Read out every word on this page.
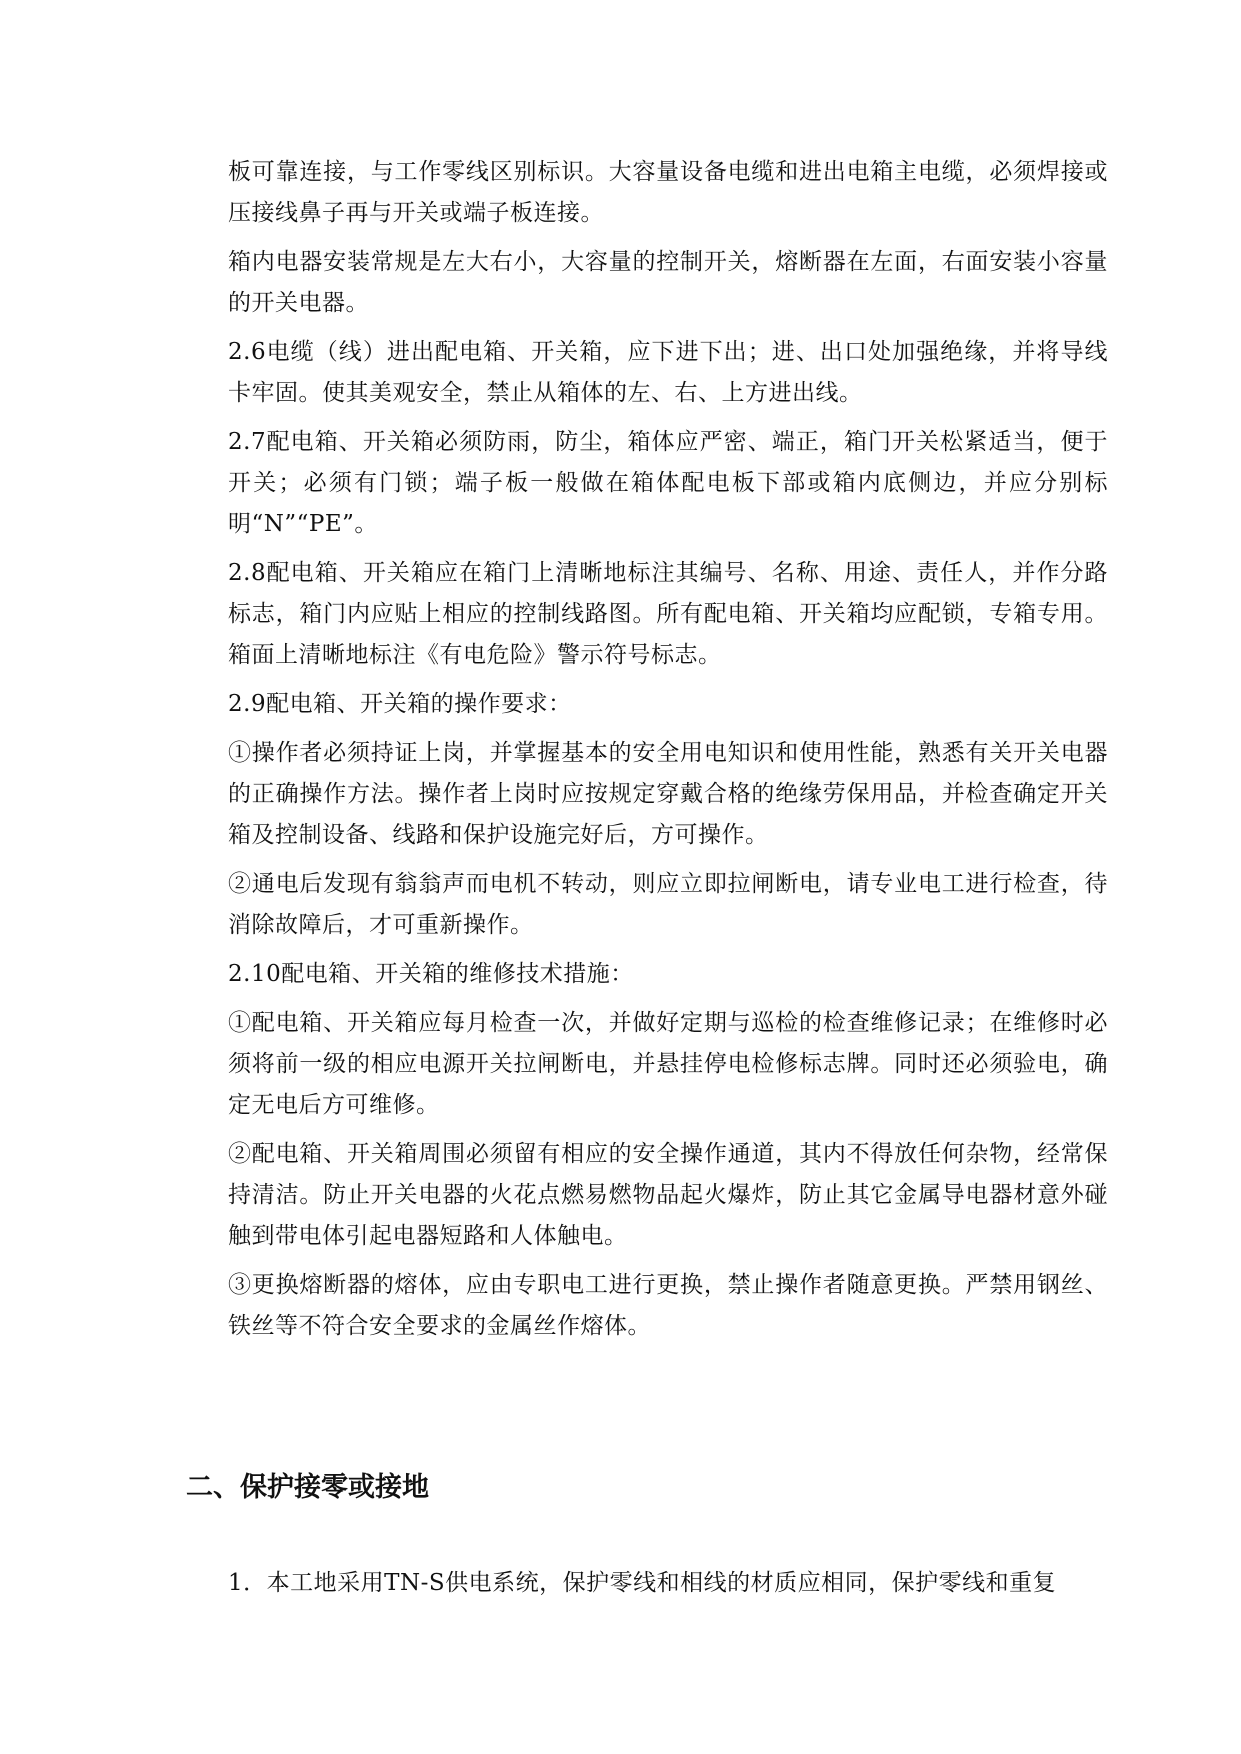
板可靠连接，与工作零线区别标识。大容量设备电缆和进出电箱主电缆，必须焊接或压接线鼻子再与开关或端子板连接。

箱内电器安装常规是左大右小，大容量的控制开关，熔断器在左面，右面安装小容量的开关电器。

2.6电缆（线）进出配电箱、开关箱，应下进下出；进、出口处加强绝缘，并将导线卡牢固。使其美观安全，禁止从箱体的左、右、上方进出线。

2.7配电箱、开关箱必须防雨，防尘，箱体应严密、端正，箱门开关松紧适当，便于开关；必须有门锁；端子板一般做在箱体配电板下部或箱内底侧边，并应分别标明“N”“PE”。

2.8配电箱、开关箱应在箱门上清晰地标注其编号、名称、用途、责任人，并作分路标志，箱门内应贴上相应的控制线路图。所有配电箱、开关箱均应配锁，专箱专用。箱面上清晰地标注《有电危险》警示符号标志。

2.9配电箱、开关箱的操作要求：

①操作者必须持证上岗，并掌握基本的安全用电知识和使用性能，熟悉有关开关电器的正确操作方法。操作者上岗时应按规定穿戴合格的绝缘劳保用品，并检查确定开关箱及控制设备、线路和保护设施完好后，方可操作。

②通电后发现有翁翁声而电机不转动，则应立即拉闸断电，请专业电工进行检查，待消除故障后，才可重新操作。

2.10配电箱、开关箱的维修技术措施：

①配电箱、开关箱应每月检查一次，并做好定期与巡检的检查维修记录；在维修时必须将前一级的相应电源开关拉闸断电，并悬挂停电检修标志牌。同时还必须验电，确定无电后方可维修。

②配电箱、开关箱周围必须留有相应的安全操作通道，其内不得放任何杂物，经常保持清洁。防止开关电器的火花点燃易燃物品起火爆炸，防止其它金属导电器材意外碰触到带电体引起电器短路和人体触电。

③更换熔断器的熔体，应由专职电工进行更换，禁止操作者随意更换。严禁用钢丝、铁丝等不符合安全要求的金属丝作熔体。

二、保护接零或接地

1．本工地采用TN-S供电系统，保护零线和相线的材质应相同，保护零线和重复
